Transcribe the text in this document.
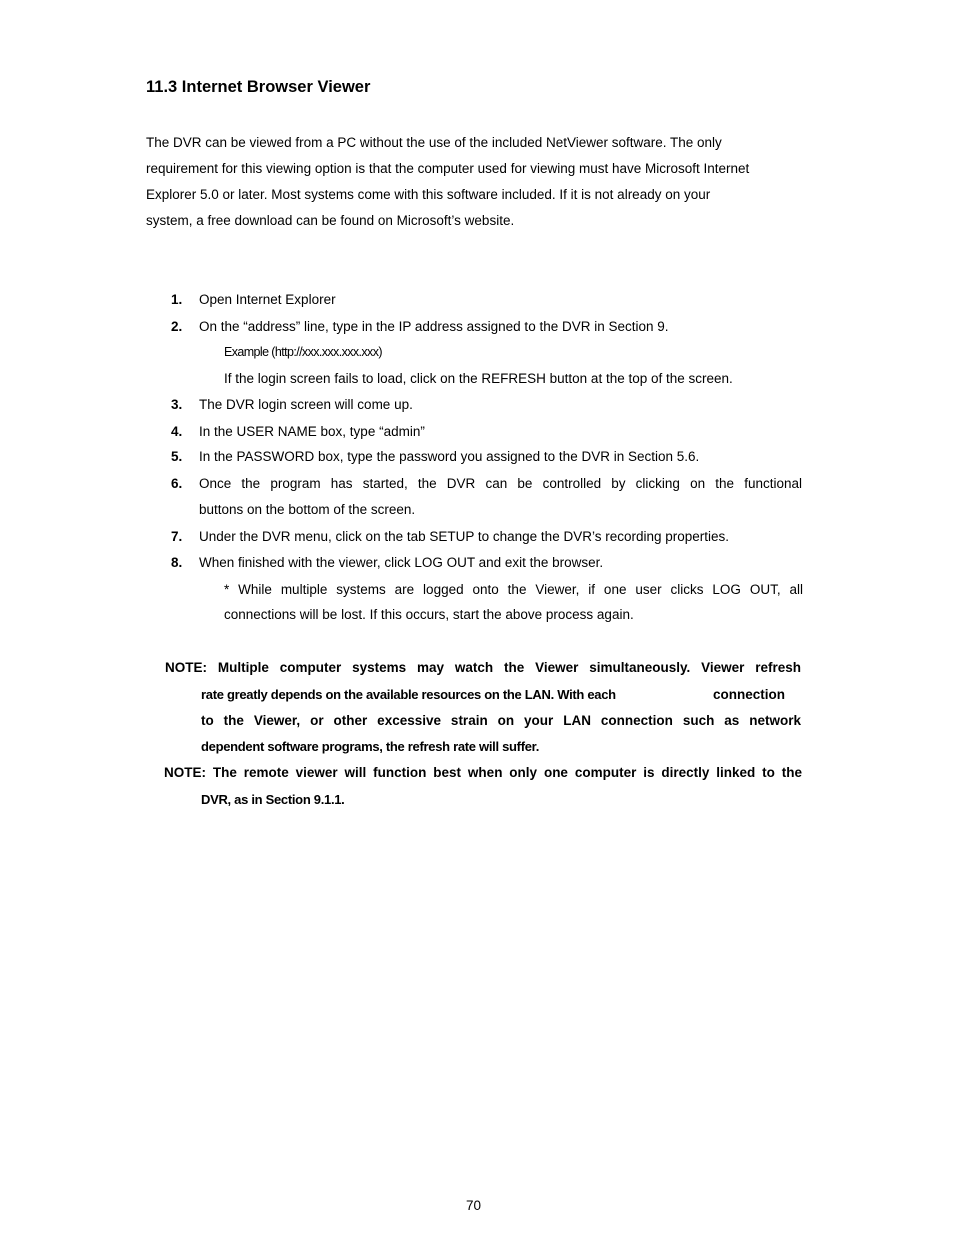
11.3 Internet Browser Viewer
The DVR can be viewed from a PC without the use of the included NetViewer software. The only
requirement for this viewing option is that the computer used for viewing must have Microsoft Internet
Explorer 5.0 or later. Most systems come with this software included. If it is not already on your
system, a free download can be found on Microsoft’s website.
1. Open Internet Explorer
2. On the “address” line, type in the IP address assigned to the DVR in Section 9.
Example (http://xxx.xxx.xxx.xxx)
If the login screen fails to load, click on the REFRESH button at the top of the screen.
3. The DVR login screen will come up.
4. In the USER NAME box, type “admin”
5. In the PASSWORD box, type the password you assigned to the DVR in Section 5.6.
6. Once the program has started, the DVR can be controlled by clicking on the functional
buttons on the bottom of the screen.
7. Under the DVR menu, click on the tab SETUP to change the DVR’s recording properties.
8. When finished with the viewer, click LOG OUT and exit the browser.
* While multiple systems are logged onto the Viewer, if one user clicks LOG OUT, all
connections will be lost. If this occurs, start the above process again.
NOTE: Multiple computer systems may watch the Viewer simultaneously. Viewer refresh
rate greatly depends on the available resources on the LAN. With each	connection
to the Viewer, or other excessive strain on your LAN connection such as network
dependent software programs, the refresh rate will suffer.
NOTE: The remote viewer will function best when only one computer is directly linked to the
DVR, as in Section 9.1.1.
70
